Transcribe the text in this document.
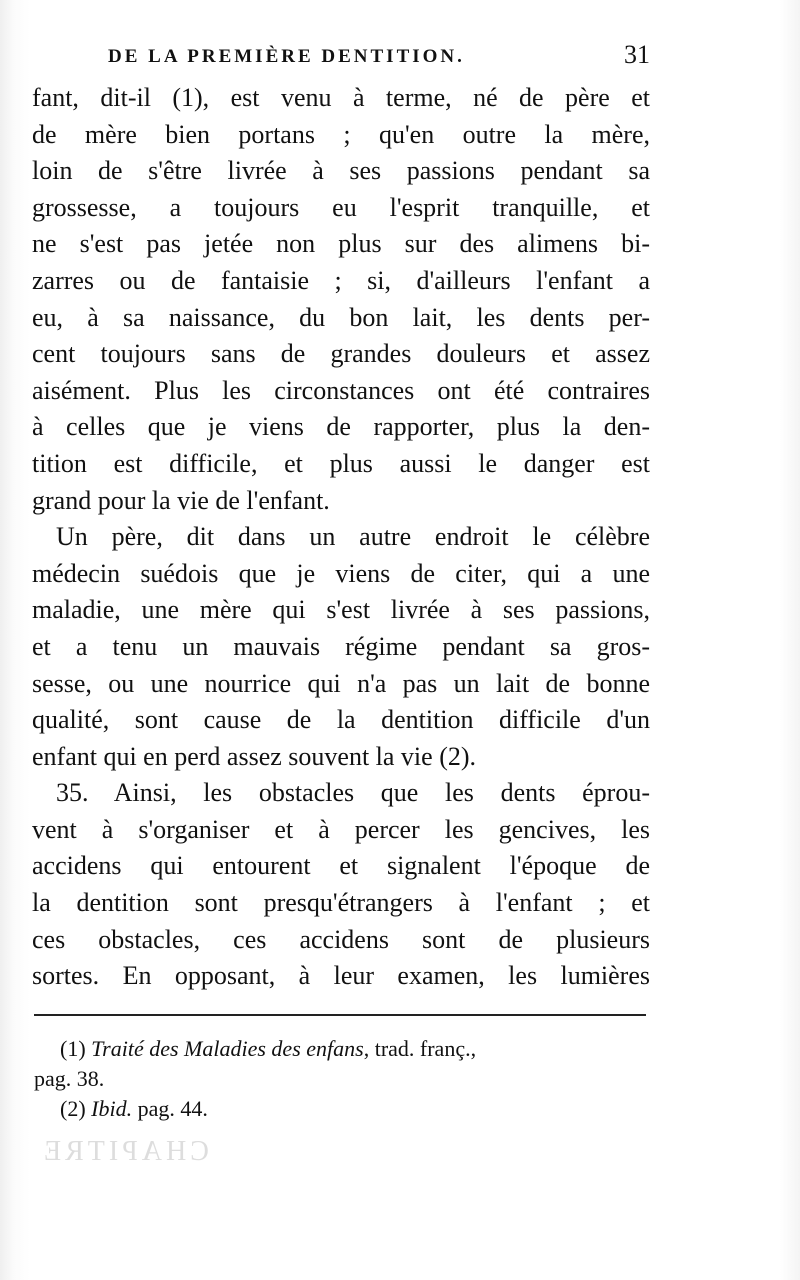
DE LA PREMIÈRE DENTITION.	31
fant, dit-il (1), est venu à terme, né de père et
de mère bien portans ; qu'en outre la mère,
loin de s'être livrée à ses passions pendant sa
grossesse, a toujours eu l'esprit tranquille, et
ne s'est pas jetée non plus sur des alimens bi-
zarres ou de fantaisie ; si, d'ailleurs l'enfant a
eu, à sa naissance, du bon lait, les dents per-
cent toujours sans de grandes douleurs et assez
aisément. Plus les circonstances ont été contraires
à celles que je viens de rapporter, plus la den-
tition est difficile, et plus aussi le danger est
grand pour la vie de l'enfant.
Un père, dit dans un autre endroit le célèbre
médecin suédois que je viens de citer, qui a une
maladie, une mère qui s'est livrée à ses passions,
et a tenu un mauvais régime pendant sa gros-
sesse, ou une nourrice qui n'a pas un lait de bonne
qualité, sont cause de la dentition difficile d'un
enfant qui en perd assez souvent la vie (2).
35. Ainsi, les obstacles que les dents éprou-
vent à s'organiser et à percer les gencives, les
accidens qui entourent et signalent l'époque de
la dentition sont presqu'étrangers à l'enfant ; et
ces obstacles, ces accidens sont de plusieurs
sortes. En opposant, à leur examen, les lumières
(1) Traité des Maladies des enfans, trad. franç.,
pag. 38.
(2) Ibid. pag. 44.
CHAPITRE
